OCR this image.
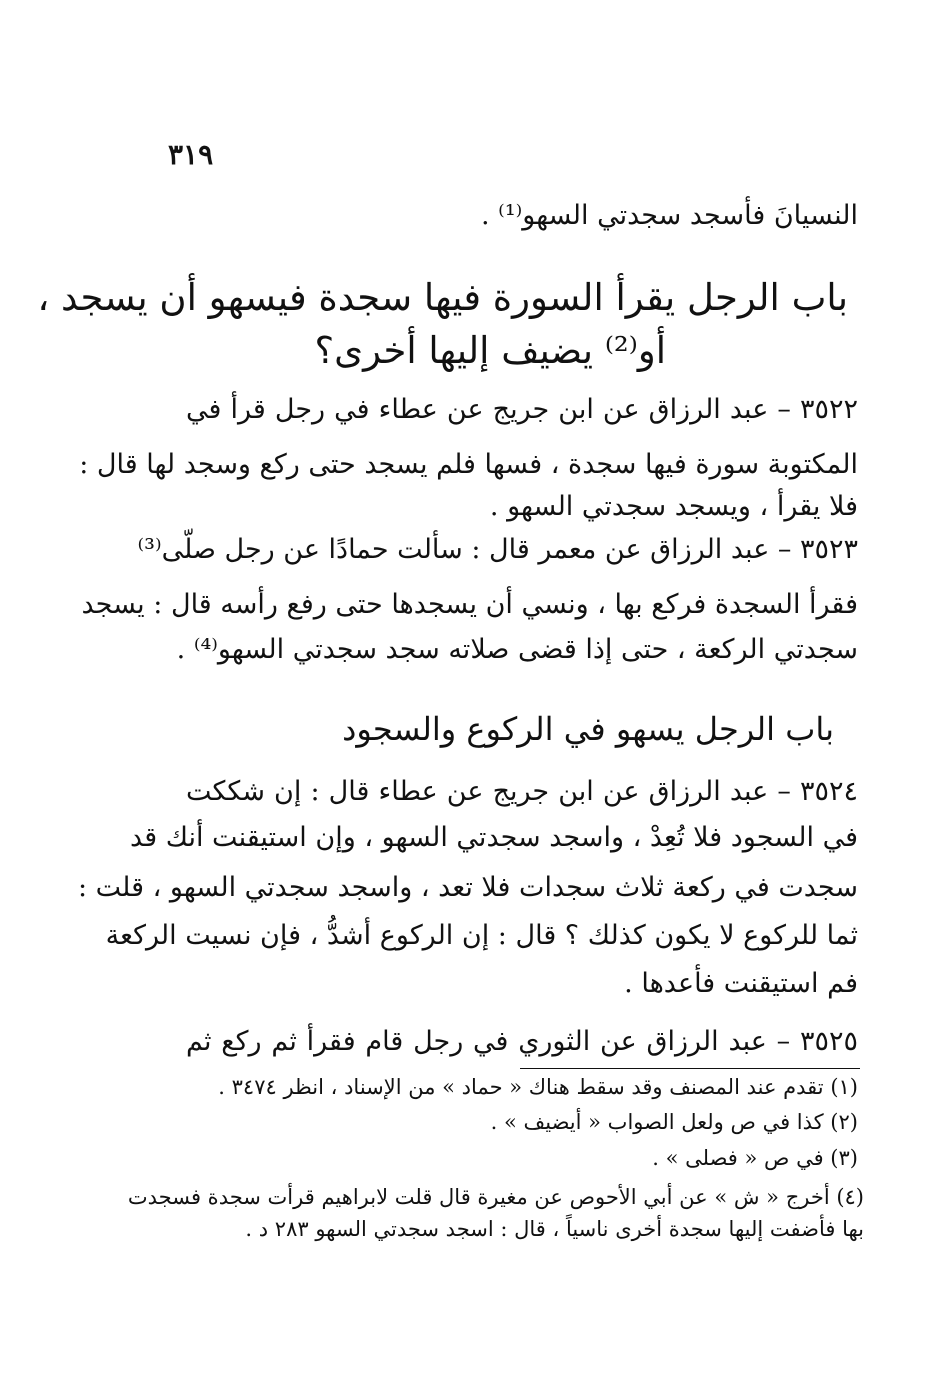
٣١٩
النسيانَ فأسجد سجدتي السهو⁽¹⁾ .
باب الرجل يقرأ السورة فيها سجدة فيسهو أن يسجد ،
أو⁽²⁾ يضيف إليها أخرى؟
٣٥٢٢ – عبد الرزاق عن ابن جريج عن عطاء في رجل قرأ في
المكتوبة سورة فيها سجدة ، فسها فلم يسجد حتى ركع وسجد لها قال :
فلا يقرأ ، ويسجد سجدتي السهو .
٣٥٢٣ – عبد الرزاق عن معمر قال : سألت حمادًا عن رجل صلّى⁽³⁾
فقرأ السجدة فركع بها ، ونسي أن يسجدها حتى رفع رأسه قال : يسجد
سجدتي الركعة ، حتى إذا قضى صلاته سجد سجدتي السهو⁽⁴⁾ .
باب الرجل يسهو في الركوع والسجود
٣٥٢٤ – عبد الرزاق عن ابن جريج عن عطاء قال : إن شككت
في السجود فلا تُعِدْ ، واسجد سجدتي السهو ، وإن استيقنت أنك قد
سجدت في ركعة ثلاث سجدات فلا تعد ، واسجد سجدتي السهو ، قلت :
ثما للركوع لا يكون كذلك ؟ قال : إن الركوع أشدُّ ، فإن نسيت الركعة
فم استيقنت فأعدها .
٣٥٢٥ – عبد الرزاق عن الثوري في رجل قام فقرأ ثم ركع ثم
(١) تقدم عند المصنف وقد سقط هناك « حماد » من الإسناد ، انظر ٣٤٧٤ .
(٢) كذا في ص ولعل الصواب « أيضيف » .
(٣) في ص « فصلى » .
(٤) أخرج « ش » عن أبي الأحوص عن مغيرة قال قلت لابراهيم قرأت سجدة فسجدت
بها فأضفت إليها سجدة أخرى ناسياً ، قال : اسجد سجدتي السهو ٢٨٣ د .
